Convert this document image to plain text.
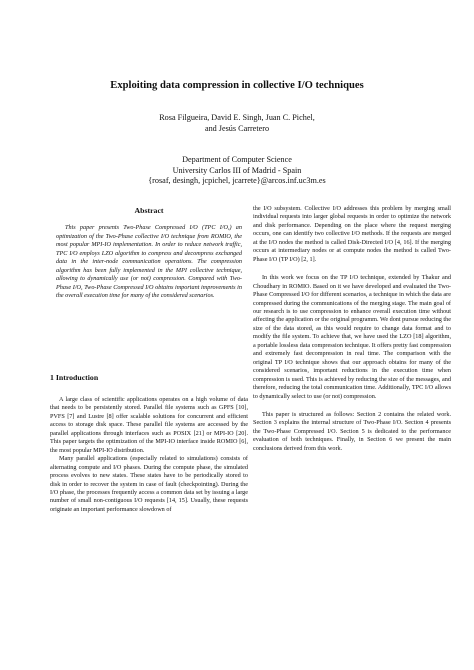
Exploiting data compression in collective I/O techniques
Rosa Filgueira, David E. Singh, Juan C. Pichel,
and Jesús Carretero
Department of Computer Science
University Carlos III of Madrid - Spain
{rosaf, desingh, jcpichel, jcarrete}@arcos.inf.uc3m.es
Abstract

This paper presents Two-Phase Compressed I/O (TPC I/O,) an optimization of the Two-Phase collective I/O technique from ROMIO, the most popular MPI-IO implementation. In order to reduce network traffic, TPC I/O employs LZO algorithm to compress and decompress exchanged data in the inter-node communication operations. The compression algorithm has been fully implemented in the MPI collective technique, allowing to dynamically use (or not) compression. Compared with Two-Phase I/O, Two-Phase Compressed I/O obtains important improvements in the overall execution time for many of the considered scenarios.

1 Introduction

A large class of scientific applications operates on a high volume of data that needs to be persistently stored. Parallel file systems such as GPFS [10], PVFS [7] and Lustre [8] offer scalable solutions for concurrent and efficient access to storage disk space. These parallel file systems are accessed by the parallel applications through interfaces such as POSIX [21] or MPI-IO [20]. This paper targets the optimization of the MPI-IO interface inside ROMIO [6], the most popular MPI-IO distribution.

Many parallel applications (especially related to simulations) consists of alternating compute and I/O phases. During the compute phase, the simulated process evolves to new states. These states have to be periodically stored to disk in order to recover the system in case of fault (checkpointing). During the I/O phase, the processes frequently access a common data set by issuing a large number of small non-contiguous I/O requests [14, 15]. Usually, these requests originate an important performance slowdown of

the I/O subsystem. Collective I/O addresses this problem by merging small individual requests into larger global requests in order to optimize the network and disk performance. Depending on the place where the request merging occurs, one can identify two collective I/O methods. If the requests are merged at the I/O nodes the method is called Disk-Directed I/O [4, 16]. If the merging occurs at intermediary nodes or at compute nodes the method is called Two-Phase I/O (TP I/O) [2, 1].

In this work we focus on the TP I/O technique, extended by Thakur and Choudhary in ROMIO. Based on it we have developed and evaluated the Two-Phase Compressed I/O for different scenarios, a technique in which the data are compressed during the communications of the merging stage. The main goal of our research is to use compression to enhance overall execution time without affecting the application or the original programm. We dont pursue reducing the size of the data stored, as this would require to change data format and to modify the file system. To achieve that, we have used the LZO [18] algorithm, a portable lossless data compression technique. It offers pretty fast compression and extremely fast decompression in real time. The comparison with the original TP I/O technique shows that our approach obtains for many of the considered scenarios, important reductions in the execution time when compression is used. This is achieved by reducing the size of the messages, and therefore, reducing the total communication time. Additionally, TPC I/O allows to dynamically select to use (or not) compression.

This paper is structured as follows: Section 2 contains the related work. Section 3 explains the internal structure of Two-Phase I/O. Section 4 presents the Two-Phase Compressed I/O. Section 5 is dedicated to the performance evaluation of both techniques. Finally, in Section 6 we present the main conclusions derived from this work.
